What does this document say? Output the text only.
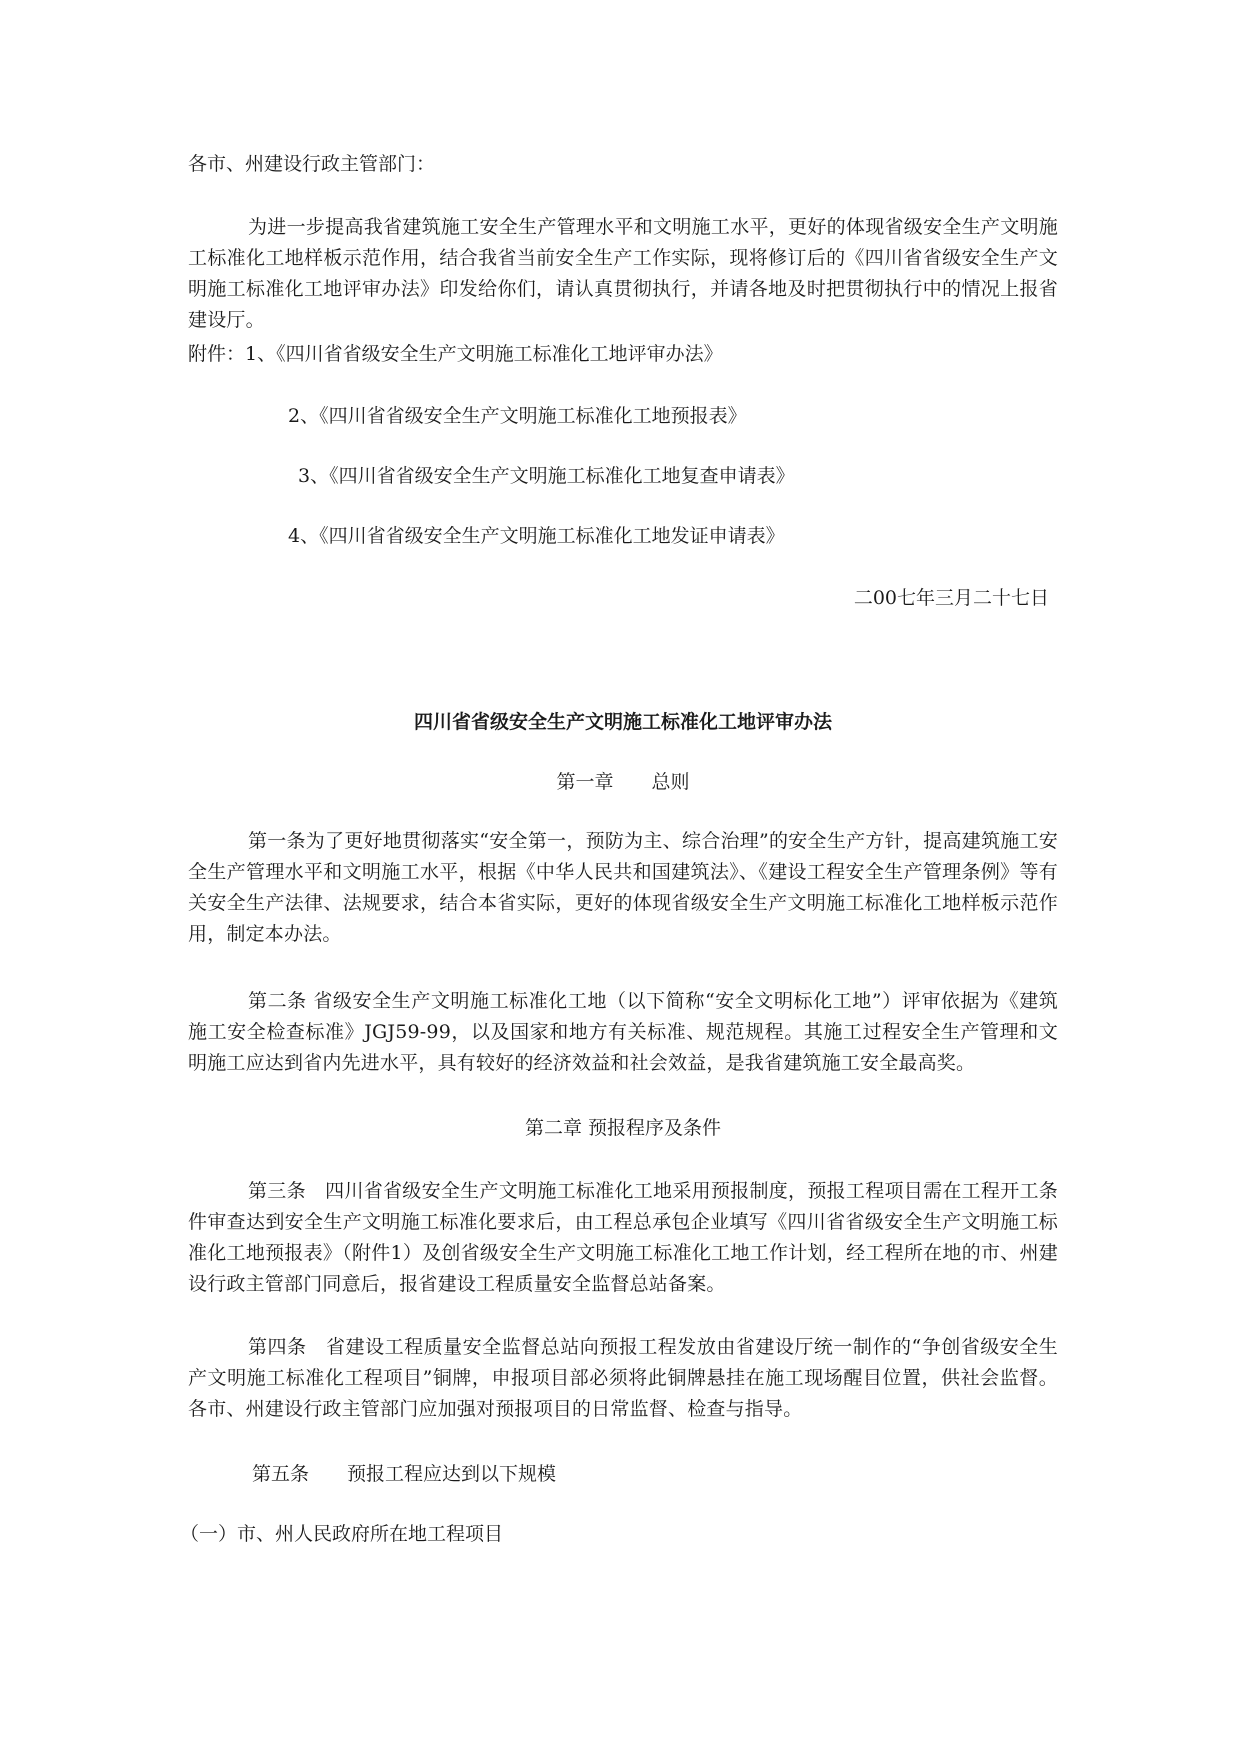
各市、州建设行政主管部门：
为进一步提高我省建筑施工安全生产管理水平和文明施工水平，更好的体现省级安全生产文明施工标准化工地样板示范作用，结合我省当前安全生产工作实际，现将修订后的《四川省省级安全生产文明施工标准化工地评审办法》印发给你们，请认真贯彻执行，并请各地及时把贯彻执行中的情况上报省建设厅。
附件：1、《四川省省级安全生产文明施工标准化工地评审办法》
2、《四川省省级安全生产文明施工标准化工地预报表》
3、《四川省省级安全生产文明施工标准化工地复查申请表》
4、《四川省省级安全生产文明施工标准化工地发证申请表》
二00七年三月二十七日
四川省省级安全生产文明施工标准化工地评审办法
第一章　　总则
第一条为了更好地贯彻落实“安全第一，预防为主、综合治理”的安全生产方针，提高建筑施工安全生产管理水平和文明施工水平，根据《中华人民共和国建筑法》、《建设工程安全生产管理条例》等有关安全生产法律、法规要求，结合本省实际，更好的体现省级安全生产文明施工标准化工地样板示范作用，制定本办法。
第二条 省级安全生产文明施工标准化工地（以下简称“安全文明标化工地”）评审依据为《建筑施工安全检查标准》JGJ59-99，以及国家和地方有关标准、规范规程。其施工过程安全生产管理和文明施工应达到省内先进水平，具有较好的经济效益和社会效益，是我省建筑施工安全最高奖。
第二章 预报程序及条件
第三条　四川省省级安全生产文明施工标准化工地采用预报制度，预报工程项目需在工程开工条件审查达到安全生产文明施工标准化要求后，由工程总承包企业填写《四川省省级安全生产文明施工标准化工地预报表》（附件1）及创省级安全生产文明施工标准化工地工作计划，经工程所在地的市、州建设行政主管部门同意后，报省建设工程质量安全监督总站备案。
第四条　省建设工程质量安全监督总站向预报工程发放由省建设厅统一制作的“争创省级安全生产文明施工标准化工程项目”铜牌，申报项目部必须将此铜牌悬挂在施工现场醒目位置，供社会监督。各市、州建设行政主管部门应加强对预报项目的日常监督、检查与指导。
第五条　　预报工程应达到以下规模
（一）市、州人民政府所在地工程项目
